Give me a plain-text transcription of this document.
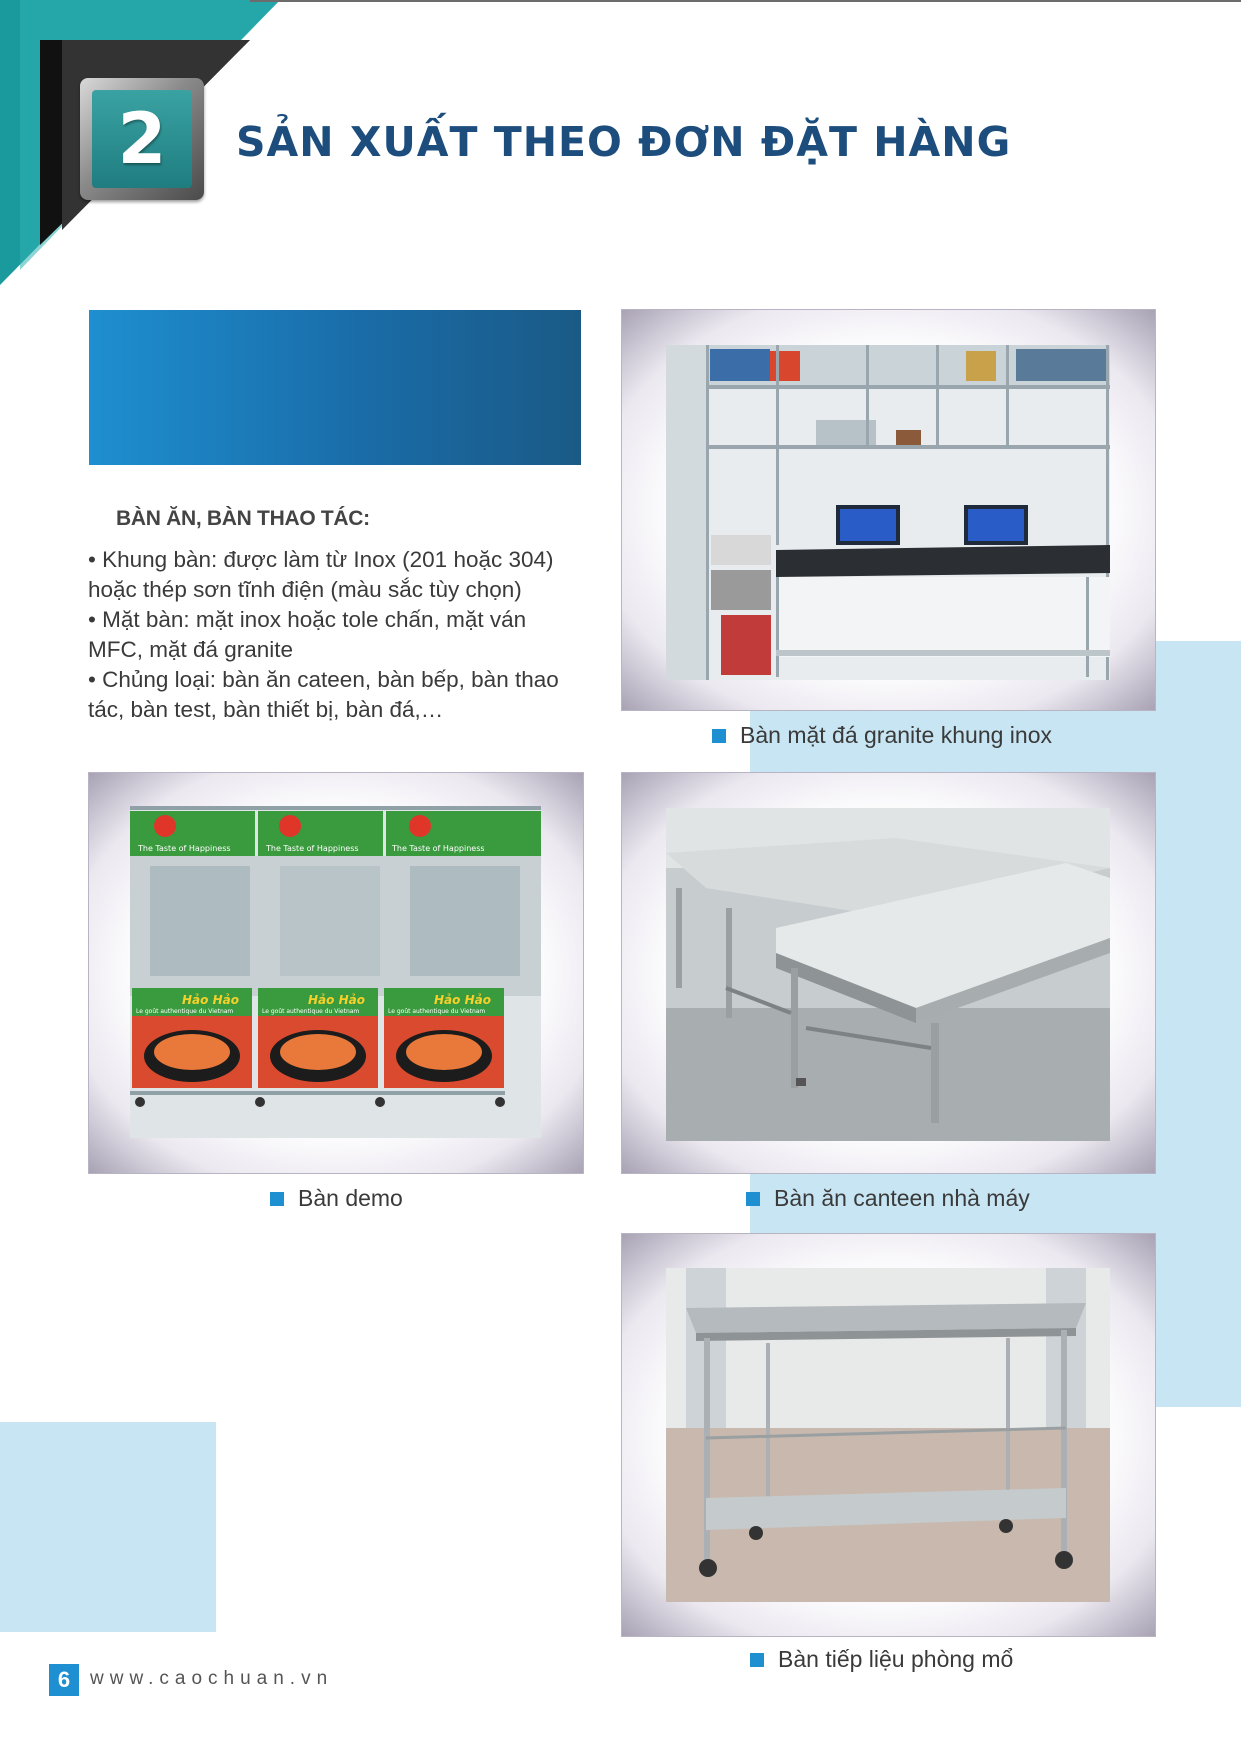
2	SẢN XUẤT THEO ĐƠN ĐẶT HÀNG
BÀN ĂN, BÀN THAO TÁC:
• Khung bàn: được làm từ Inox (201 hoặc 304)
hoặc thép sơn tĩnh điện (màu sắc tùy chọn)
• Mặt bàn: mặt inox hoặc tole chấn, mặt ván
MFC, mặt đá granite
• Chủng loại: bàn ăn cateen, bàn bếp, bàn thao
tác, bàn test, bàn thiết bị, bàn đá,…
Bàn mặt đá granite khung inox
The Taste of Happiness	The Taste of Happiness	The Taste of Happiness
Hảo Hảo	Hảo Hảo	Hảo Hảo
Le goût authentique du Vietnam	Le goût authentique du Vietnam	Le goût authentique du Vietnam
Bàn demo	Bàn ăn canteen nhà máy
Bàn tiếp liệu phòng mổ
6	www.caochuan.vn
